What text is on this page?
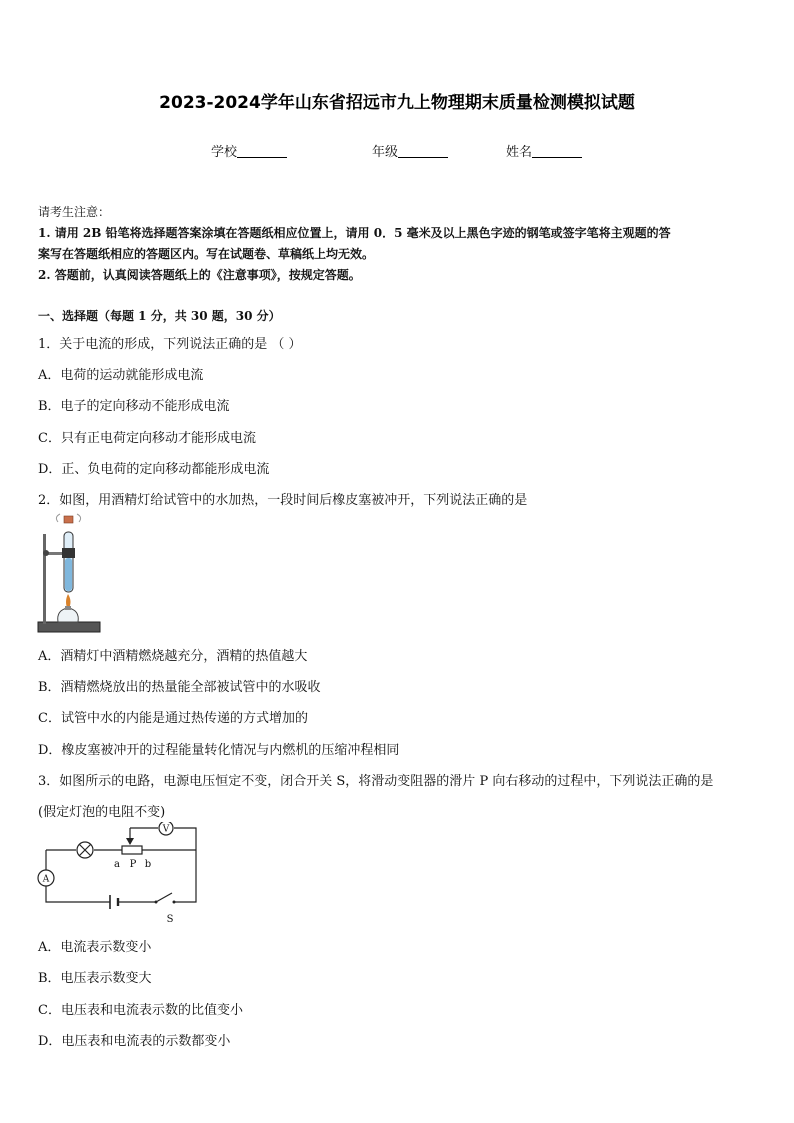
2023-2024学年山东省招远市九上物理期末质量检测模拟试题
学校	年级	姓名
请考生注意：
1. 请用 2B 铅笔将选择题答案涂填在答题纸相应位置上，请用 0．5 毫米及以上黑色字迹的钢笔或签字笔将主观题的答
案写在答题纸相应的答题区内。写在试题卷、草稿纸上均无效。
2. 答题前，认真阅读答题纸上的《注意事项》，按规定答题。
一、选择题（每题 1 分，共 30 题，30 分）
1．关于电流的形成，下列说法正确的是 （ ）
A．电荷的运动就能形成电流
B．电子的定向移动不能形成电流
C．只有正电荷定向移动才能形成电流
D．正、负电荷的定向移动都能形成电流
2．如图，用酒精灯给试管中的水加热，一段时间后橡皮塞被冲开，下列说法正确的是
A．酒精灯中酒精燃烧越充分，酒精的热值越大
B．酒精燃烧放出的热量能全部被试管中的水吸收
C．试管中水的内能是通过热传递的方式增加的
D．橡皮塞被冲开的过程能量转化情况与内燃机的压缩冲程相同
3．如图所示的电路，电源电压恒定不变，闭合开关 S，将滑动变阻器的滑片 P 向右移动的过程中，下列说法正确的是
(假定灯泡的电阻不变)
V
A
a P b
S
A．电流表示数变小
B．电压表示数变大
C．电压表和电流表示数的比值变小
D．电压表和电流表的示数都变小
